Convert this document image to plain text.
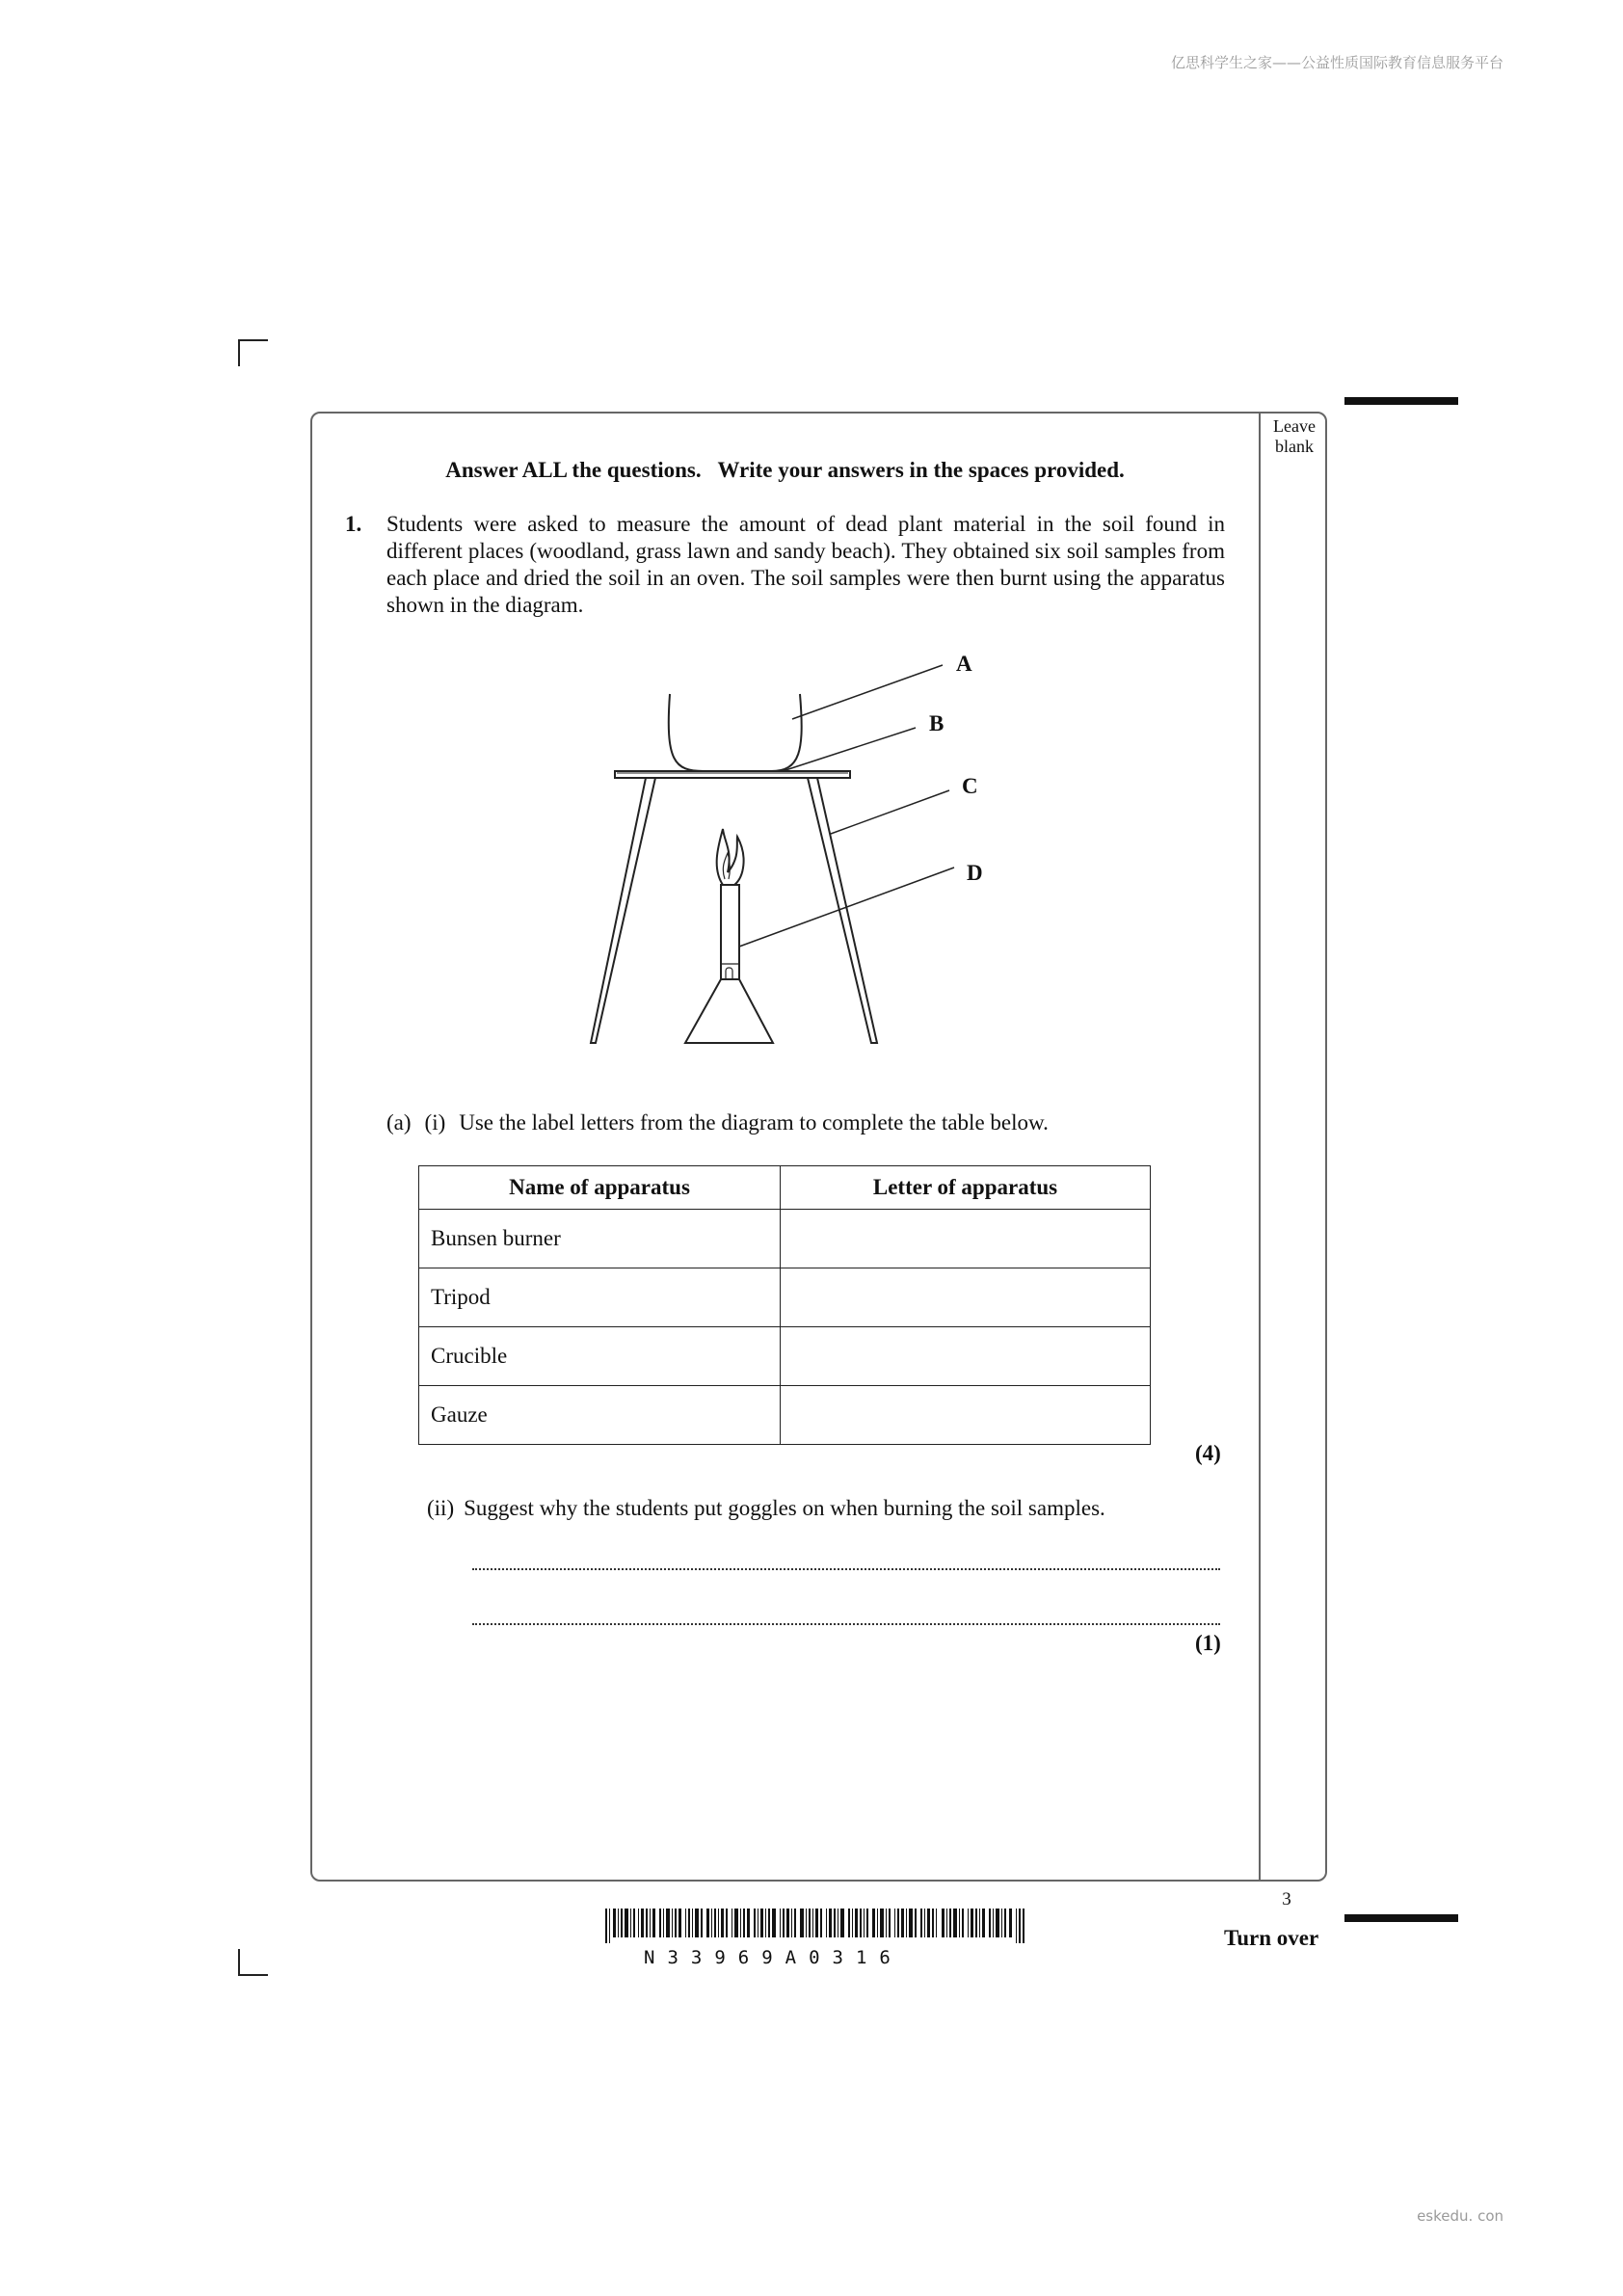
亿思科学生之家——公益性质国际教育信息服务平台
Leave
blank
Answer ALL the questions.   Write your answers in the spaces provided.
1. Students were asked to measure the amount of dead plant material in the soil found in different places (woodland, grass lawn and sandy beach). They obtained six soil samples from each place and dried the soil in an oven. The soil samples were then burnt using the apparatus shown in the diagram.
A
B
C
D
(a) (i) Use the label letters from the diagram to complete the table below.
Name of apparatus	Letter of apparatus
Bunsen burner	
Tripod	
Crucible	
Gauze	
(4)
(ii) Suggest why the students put goggles on when burning the soil samples.
(1)
3
Turn over
N33969A0316
eskedu. con
